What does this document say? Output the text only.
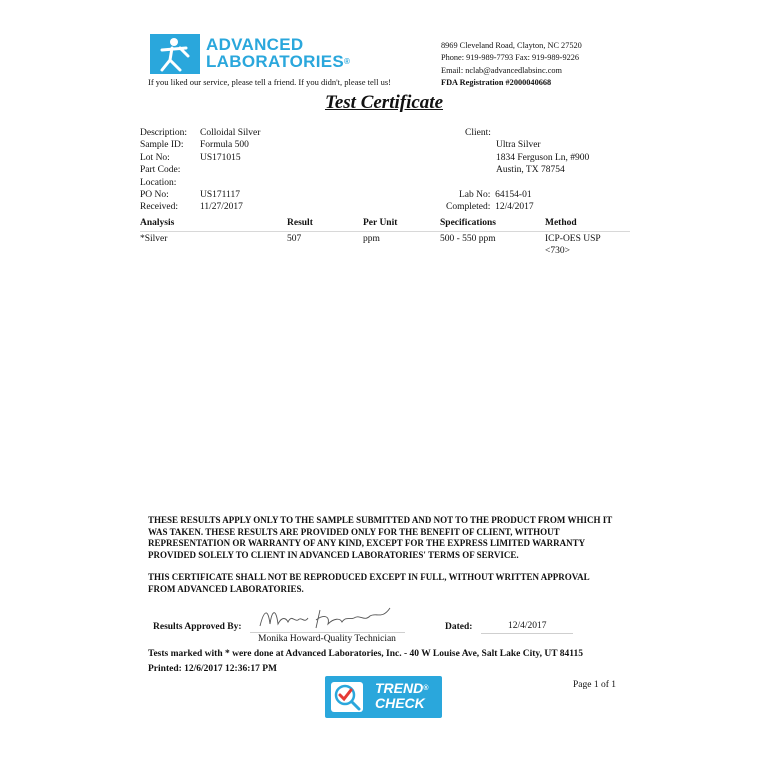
ADVANCED
LABORATORIES®
If you liked our service, please tell a friend. If you didn't, please tell us!
8969 Cleveland Road, Clayton, NC 27520
Phone: 919-989-7793 Fax: 919-989-9226
Email: nclab@advancedlabsinc.com
FDA Registration #2000040668
Test Certificate
Description: Colloidal Silver
Sample ID: Formula 500
Lot No:	US171015
Part Code:
Location:
PO No:	US171117
Received: 11/27/2017
Client:
Ultra Silver
1834 Ferguson Ln, #900
Austin, TX 78754
Lab No: 64154-01
Completed: 12/4/2017
Analysis	Result	Per Unit	Specifications	Method
*Silver	507	ppm	500 - 550 ppm	ICP-OES USP
<730>

THESE RESULTS APPLY ONLY TO THE SAMPLE SUBMITTED AND NOT TO THE PRODUCT FROM WHICH IT WAS TAKEN. THESE RESULTS ARE PROVIDED ONLY FOR THE BENEFIT OF CLIENT, WITHOUT REPRESENTATION OR WARRANTY OF ANY KIND, EXCEPT FOR THE EXPRESS LIMITED WARRANTY PROVIDED SOLELY TO CLIENT IN ADVANCED LABORATORIES' TERMS OF SERVICE.

THIS CERTIFICATE SHALL NOT BE REPRODUCED EXCEPT IN FULL, WITHOUT WRITTEN APPROVAL FROM ADVANCED LABORATORIES.

Results Approved By:
Monika Howard-Quality Technician
Dated:	12/4/2017
Tests marked with * were done at Advanced Laboratories, Inc. - 40 W Louise Ave, Salt Lake City, UT 84115
Printed: 12/6/2017 12:36:17 PM
Page 1 of 1
TREND®
CHECK
